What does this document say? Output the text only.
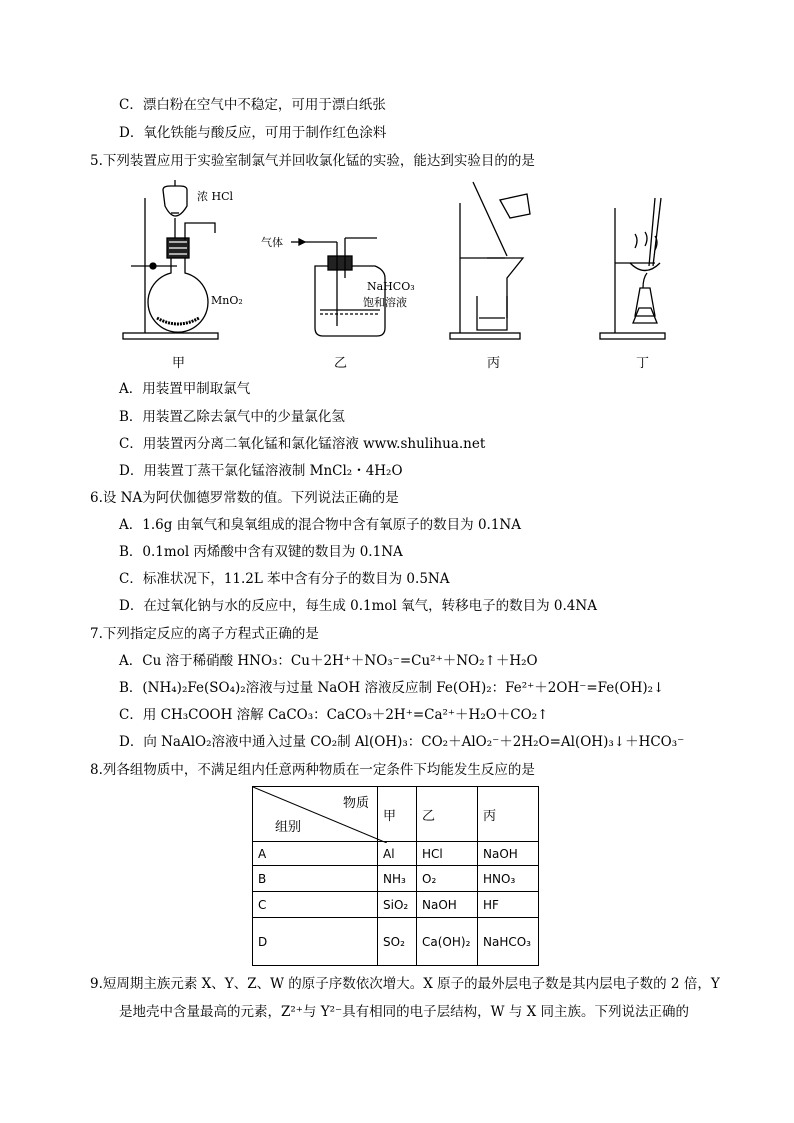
C．漂白粉在空气中不稳定，可用于漂白纸张
D．氧化铁能与酸反应，可用于制作红色涂料
5.下列装置应用于实验室制氯气并回收氯化锰的实验，能达到实验目的的是
浓 HCl
MnO₂
气体
NaHCO₃
饱和溶液
甲	乙	丙	丁
A．用装置甲制取氯气
B．用装置乙除去氯气中的少量氯化氢
C．用装置丙分离二氧化锰和氯化锰溶液 www.shulihua.net
D．用装置丁蒸干氯化锰溶液制 MnCl₂・4H₂O
6.设 NA为阿伏伽德罗常数的值。下列说法正确的是
A．1.6g 由氧气和臭氧组成的混合物中含有氧原子的数目为 0.1NA
B．0.1mol 丙烯酸中含有双键的数目为 0.1NA
C．标准状况下，11.2L 苯中含有分子的数目为 0.5NA
D．在过氧化钠与水的反应中，每生成 0.1mol 氧气，转移电子的数目为 0.4NA
7.下列指定反应的离子方程式正确的是
A．Cu 溶于稀硝酸 HNO₃：Cu＋2H⁺＋NO₃⁻=Cu²⁺＋NO₂↑＋H₂O
B．(NH₄)₂Fe(SO₄)₂溶液与过量 NaOH 溶液反应制 Fe(OH)₂：Fe²⁺＋2OH⁻=Fe(OH)₂↓
C．用 CH₃COOH 溶解 CaCO₃：CaCO₃＋2H⁺=Ca²⁺＋H₂O＋CO₂↑
D．向 NaAlO₂溶液中通入过量 CO₂制 Al(OH)₃：CO₂＋AlO₂⁻＋2H₂O=Al(OH)₃↓＋HCO₃⁻
8.列各组物质中，不满足组内任意两种物质在一定条件下均能发生反应的是
物质
组别	甲	乙	丙
A	Al	HCl	NaOH
B	NH₃	O₂	HNO₃
C	SiO₂	NaOH	HF
D	SO₂	Ca(OH)₂	NaHCO₃
9.短周期主族元素 X、Y、Z、W 的原子序数依次增大。X 原子的最外层电子数是其内层电子数的 2 倍，Y
是地壳中含量最高的元素，Z²⁺与 Y²⁻具有相同的电子层结构，W 与 X 同主族。下列说法正确的
